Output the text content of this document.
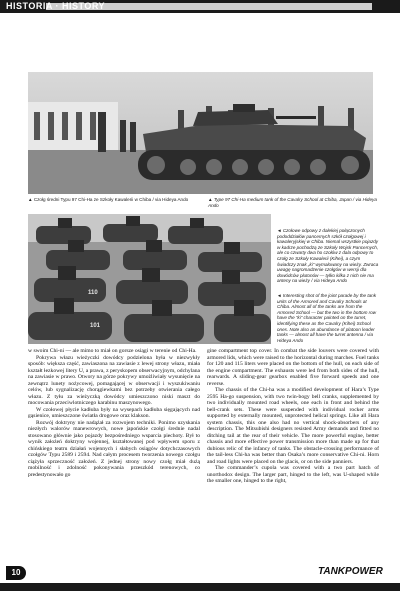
HISTORIA · HISTORY
▲ Czołg średni Typu 97 Chi-Ha ze Szkoły Kawalerii w Chiba / via Hideya Ando	▲ Type 97 Chi-Ha medium tank of the Cavalry School at Chiba, Japan / via Hideya Ando
110
101
◄ Czołowe odpowy z dalekiej połączonych pododdziałów pancernych szkół czołgowej i kawaleryjskiej w Chiba. Niemal wszystkie pojazdy w kadrze pochodzą ze Szkoły Wojsk Pancernych, ale co czwarty dwa ho czołów z dala odpowy to czołg ze Szkoły Kawalerii (Kihei), a czym świadczy znak „ki” wymalowany na wieży. Zwraca uwagę nagromadzenie czołgów w wersji dla dowódców plutonów — tylko kilka z nich nie ma anteny na wieży / via Hideya Ando
◄ Interesting shot of the joint parade by the tank units of the Armored and Cavalry Schools at Chiba. Almost all of the tanks are from the Armored School — but the two in the bottom row have the “ki” character painted on the turret, identifying these as the Cavalry (Kihei) School ones. Note also an abundance of platoon leader tanks — almost all have the turret antenna / via Hideya Ando

w swoim Chi-ni — ale mimo to miał on gorsze osiągi w terenie od Chi-Ha.

Pokrywa włazu wieżyczki dowódcy podzielona była w niezwykły sposób: większa część, zawiaszona na zawiasie z lewej strony włazu, miała kształt łezkowej litery U, a prawa, z peryskopem obserwacyjnym, odchylana na zawiasie w prawo. Otwory na górze pokrywy umożliwiały wysunięcie na zewnątrz lunety nożycowej, pomagającej w obserwacji i wyszukiwaniu celów, lub sygnalizację chorągiewkami bez potrzeby otwierania całego włazu. Z tyłu za wieżyczką dowódcy umieszczono niski maszt do mocowania przeciwlotniczego karabinu maszynowego.

W czołowej płycie kadłuba były na wysepach kadłuba sięgających nad gąsienice, umieszczone światła drogowe oraz klakson.

Rozwój doktryny nie nadążał za rozwojem techniki. Ponimo uzyskania niezłych walorów manewrowych, nowe japońskie czołgi średnie nadal stosowano głównie jako pojazdy bezpośredniego wsparcia piechoty. Był to wynik założeń doktryny wojennej, kształtowanej pod wpływem sporu z chińskiego teatru działań wojennych i słabych osiągów dotychczasowych czołgów Typu 2589 i 2594. Nad całym procesem tworzenia nowego czołgu ciążyła sprzeczność założeń. Z jednej strony nowy czołg miał dużą mobilność i zdolność pokonywania przeszkód terenowych, co predestynowało go

gine compartment top cover. In combat the side louvers were covered with armored lids, which were raised to the horizontal during marches. Fuel tanks for 120 and 115 liters were placed on the bottom of the hull, on each side of the engine compartment. The exhausts were led from both sides of the hull, rearwards. A sliding-gear gearbox enabled five forward speeds and one reverse.

The chassis of the Chi-ha was a modified development of Hara’s Type 2595 Ha-go suspension, with two twin-bogy bell cranks, supplemented by two individually mounted road wheels, one each in front and behind the bell-crank sets. These were suspended with individual rocker arms supported by externally mounted, unprotected helical springs. Like all Hara system chassis, this one also had no vertical shock-absorbers of any description. The Mitsubishi designers resisted Army demands and fitted no ditching tail at the rear of their vehicle. The more powerful engine, better chassis and more effective power transmission more than made up for that dubious relic of the infancy of tanks. The obstacle-crossing performance of the tail-less Chi-ha was better than Osaka’s more conservative Chi-ni. Horn and road lights were placed on the glacis, or on the side panniers.

The commander’s cupola was covered with a two part hatch of unorthodox design. The larger part, hinged to the left, was U-shaped while the smaller one, hinged to the right,

10	TANKPOWER
